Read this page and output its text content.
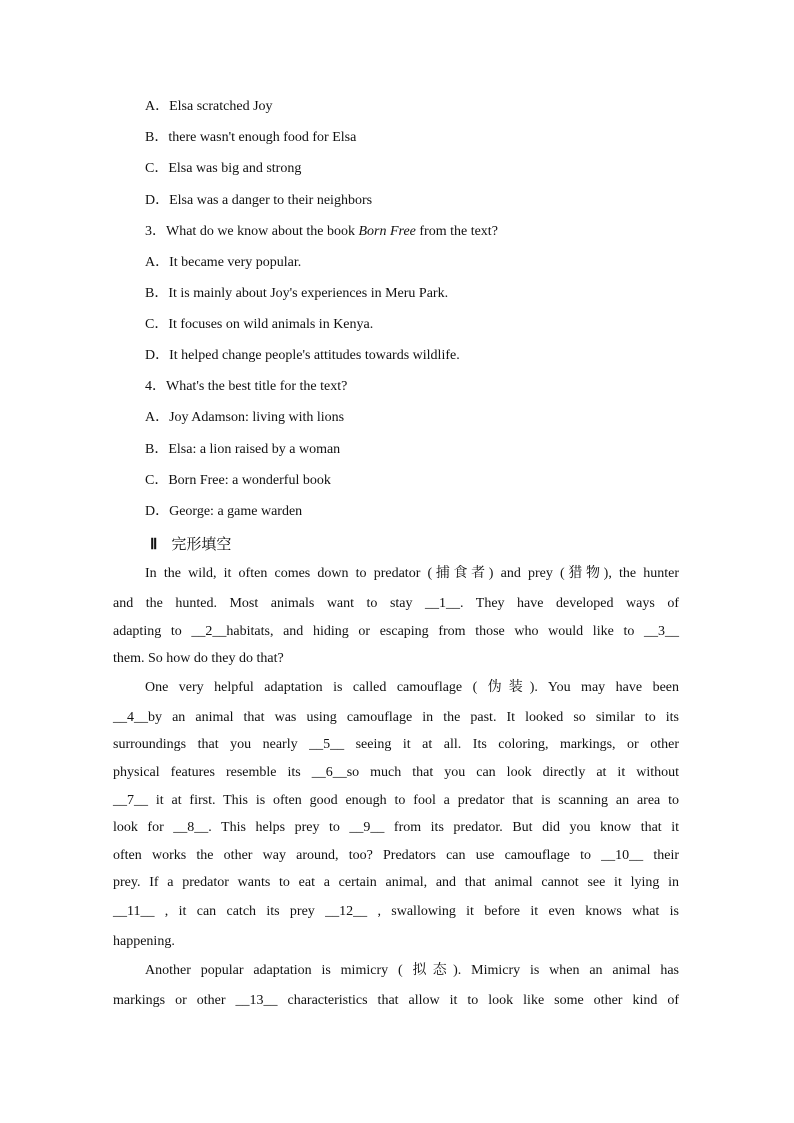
A．Elsa scratched Joy
B．there wasn't enough food for Elsa
C．Elsa was big and strong
D．Elsa was a danger to their neighbors
3．What do we know about the book Born Free from the text?
A．It became very popular.
B．It is mainly about Joy's experiences in Meru Park.
C．It focuses on wild animals in Kenya.
D．It helped change people's attitudes towards wildlife.
4．What's the best title for the text?
A．Joy Adamson: living with lions
B．Elsa: a lion raised by a woman
C．Born Free: a wonderful book
D．George: a game warden
Ⅱ 完形填空
In the wild, it often comes down to predator (捕食者) and prey (猎物), the hunter
and the hunted. Most animals want to stay __1__. They have developed ways of
adapting to __2__habitats, and hiding or escaping from those who would like to __3__
them. So how do they do that?
One very helpful adaptation is called camouflage ( 伪装). You may have been
__4__by an animal that was using camouflage in the past. It looked so similar to its
surroundings that you nearly __5__ seeing it at all. Its coloring, markings, or other
physical features resemble its __6__so much that you can look directly at it without
__7__ it at first. This is often good enough to fool a predator that is scanning an area to
look for __8__. This helps prey to __9__ from its predator. But did you know that it
often works the other way around, too? Predators can use camouflage to __10__ their
prey. If a predator wants to eat a certain animal, and that animal cannot see it lying in
__11__ , it can catch its prey __12__ , swallowing it before it even knows what is
happening.
Another popular adaptation is mimicry ( 拟态). Mimicry is when an animal has
markings or other __13__ characteristics that allow it to look like some other kind of
